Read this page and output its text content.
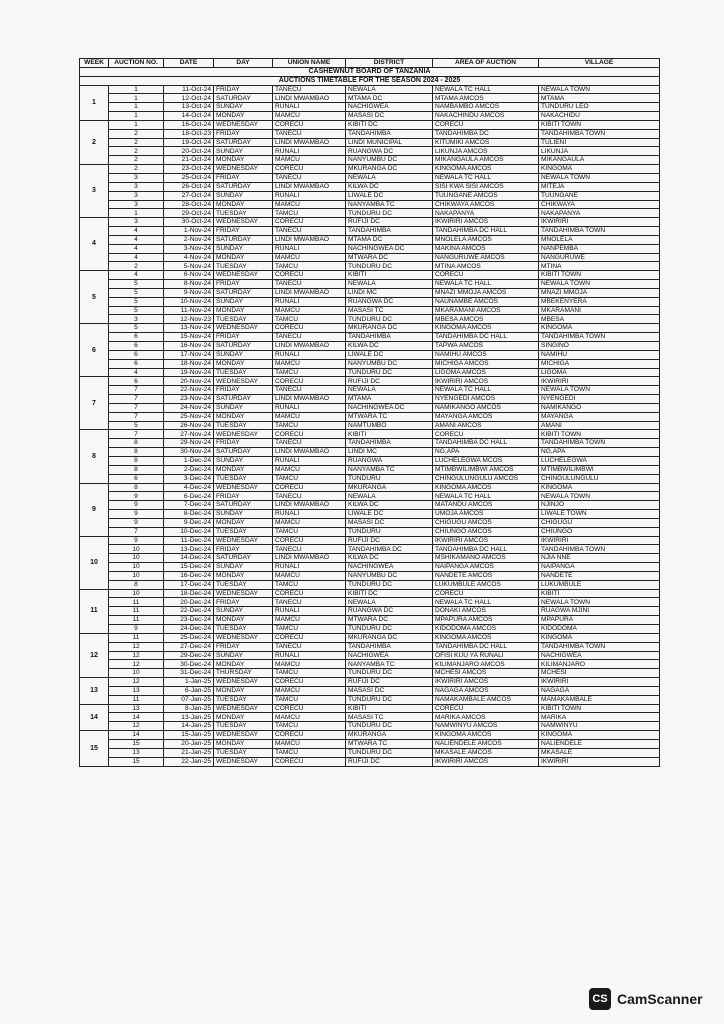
CASHEWNUT BOARD OF TANZANIA							
AUCTIONS TIMETABLE FOR THE SEASON 2024 - 2025							
WEEK	AUCTION NO.	DATE	DAY	UNION NAME	DISTRICT	AREA OF AUCTION	VILLAGE
1	1	11-Oct-24	FRIDAY	TANECU	NEWALA	NEWALA TC HALL	NEWALA TOWN
	1	12-Oct-24	SATURDAY	LINDI MWAMBAO	MTAMA DC	MTAMA AMCOS	MTAMA
	1	13-Oct-24	SUNDAY	RUNALI	NACHIGWEA	NAMBAMBO AMCOS	TUNDURU LEO
	1	14-Oct-24	MONDAY	MAMCU	MASASI DC	NAKACHINDU AMCOS	NAKACHIDU
2	1	16-Oct-24	WEDNESDAY	CORECU	KIBITI DC	CORECU	KIBITI TOWN
	2	18-Oct-23	FRIDAY	TANECU	TANDAHIMBA	TANDAHIMBA DC	TANDAHIMBA TOWN
	2	19-Oct-24	SATURDAY	LINDI MWAMBAO	LINDI MUNICIPAL	KITUMIKI AMCOS	TULIENI
	2	20-Oct-24	SUNDAY	RUNALI	RUANGWA DC	LIKUNJA AMCOS	LIKUNJA
	2	21-Oct-24	MONDAY	MAMCU	NANYUMBU DC	MIKANGAULA AMCOS	MIKANGAULA
3	2	23-Oct-24	WEDNESDAY	CORECU	MKURANGA DC	KINGOMA AMCOS	KINGOMA
	3	25-Oct-24	FRIDAY	TANECU	NEWALA	NEWALA TC HALL	NEWALA TOWN
	3	26-Oct-24	SATURDAY	LINDI MWAMBAO	KILWA DC	SISI KWA SISI AMCOS	MITEJA
	3	27-Oct-24	SUNDAY	RUNALI	LIWALE DC	TUUNGANE AMCOS	TUUNGANE
	3	28-Oct-24	MONDAY	MAMCU	NANYAMBA TC	CHIKWAYA AMCOS	CHIKWAYA
	1	29-Oct-24	TUESDAY	TAMCU	TUNDURU DC	NAKAPANYA	NAKAPANYA
4	3	30-Oct-24	WEDNESDAY	CORECU	RUFIJI DC	IKWIRIRI AMCOS	IKWIRIRI
	4	1-Nov-24	FRIDAY	TANECU	TANDAHIMBA	TANDAHIMBA DC HALL	TANDAHIMBA TOWN
	4	2-Nov-24	SATURDAY	LINDI MWAMBAO	MTAMA DC	MNOLELA AMCOS	MNOLELA
	4	3-Nov-24	SUNDAY	RUNALI	NACHINGWEA DC	MAKINA AMCOS	NANPEMBA
	4	4-Nov-24	MONDAY	MAMCU	MTWARA DC	NANGURUWE AMCOS	NANGURUWE
	2	5-Nov-24	TUESDAY	TAMCU	TUNDURU DC	MTINA AMCOS	MTINA
5	4	6-Nov-24	WEDNESDAY	CORECU	KIBITI	CORECU	KIBITI TOWN
	5	8-Nov-24	FRIDAY	TANECU	NEWALA	NEWALA TC HALL	NEWALA TOWN
	5	9-Nov-24	SATURDAY	LINDI MWAMBAO	LINDI MC	MNAZI MMOJA AMCOS	MNAZI MMOJA
	5	10-Nov-24	SUNDAY	RUNALI	RUANGWA DC	NAUNAMBE AMCOS	MBEKENYERA
	5	11-Nov-24	MONDAY	MAMCU	MASASI TC	MKARAMANI AMCOS	MKARAMANI
	3	12-Nov-23	TUESDAY	TAMCU	TUNDURU DC	MBESA AMCOS	MBESA
6	5	13-Nov-24	WEDNESDAY	CORECU	MKURANGA DC	KINGOMA AMCOS	KINGOMA
	6	15-Nov-24	FRIDAY	TANECU	TANDAHIMBA	TANDAHIMBA DC HALL	TANDAHIMBA TOWN
	6	16-Nov-24	SATURDAY	LINDI MWAMBAO	KILWA DC	TAPWA AMCOS	SINGINO
	6	17-Nov-24	SUNDAY	RUNALI	LIWALE DC	NAMIHU AMCOS	NAMIHU
	6	18-Nov-24	MONDAY	MAMCU	NANYUMBU DC	MICHIGA AMCOS	MICHIGA
	4	19-Nov-24	TUESDAY	TAMCU	TUNDURU DC	LIGOMA AMCOS	LIGOMA
7	6	20-Nov-24	WEDNESDAY	CORECU	RUFIJI DC	IKWIRIRI AMCOS	IKWIRIRI
	7	22-Nov-24	FRIDAY	TANECU	NEWALA	NEWALA TC HALL	NEWALA TOWN
	7	23-Nov-24	SATURDAY	LINDI MWAMBAO	MTAMA	NYENGEDI AMCOS	NYENGEDI
	7	24-Nov-24	SUNDAY	RUNALI	NACHINGWEA DC	NAMIKANGO AMCOS	NAMIKANGO
	7	25-Nov-24	MONDAY	MAMCU	MTWARA TC	MAYANGA AMCOS	MAYANGA
	5	26-Nov-24	TUESDAY	TAMCU	NAMTUMBO	AMANI AMCOS	AMANI
8	7	27-Nov-24	WEDNESDAY	CORECU	KIBITI	CORECU	KIBITI TOWN
	8	29-Nov-24	FRIDAY	TANECU	TANDAHIMBA	TANDAHIMBA DC HALL	TANDAHIMBA TOWN
	8	30-Nov-24	SATURDAY	LINDI MWAMBAO	LINDI MC	NG,APA	NG,APA
	8	1-Dec-24	SUNDAY	RUNALI	RUANGWA	LUCHELEGWA MCOS	LUCHELEGWA
	8	2-Dec-24	MONDAY	MAMCU	NANYAMBA TC	MTIMBWILIMBWI AMCOS	MTIMBWILIMBWI
	6	3-Dec-24	TUESDAY	TAMCU	TUNDURU	CHINGULUNGULU AMCOS	CHINGULUNGULU
9	8	4-Dec-24	WEDNESDAY	CORECU	MKURANGA	KINGOMA AMCOS	KINGOMA
	9	6-Dec-24	FRIDAY	TANECU	NEWALA	NEWALA TC HALL	NEWALA TOWN
	9	7-Dec-24	SATURDAY	LINDI MWAMBAO	KILWA DC	MATANDU AMCOS	NJINJO
	9	8-Dec-24	SUNDAY	RUNALI	LIWALE DC	UMOJA AMCOS	LIWALE TOWN
	9	9-Dec-24	MONDAY	MAMCU	MASASI DC	CHIGUGU AMCOS	CHIGUGU
	7	10-Dec-24	TUESDAY	TAMCU	TUNDURU	CHIUNGO AMCOS	CHIUNGO
10	9	11-Dec-24	WEDNESDAY	CORECU	RUFIJI DC	IKWIRIRI AMCOS	IKWIRIRI
	10	13-Dec-24	FRIDAY	TANECU	TANDAHIMBA DC	TANDAHIMBA DC HALL	TANDAHIMBA TOWN
	10	14-Dec-24	SATURDAY	LINDI MWAMBAO	KILWA DC	MSHIKAMANO AMCOS	NJIA NNE
	10	15-Dec-24	SUNDAY	RUNALI	NACHINGWEA	NAIPANGA AMCOS	NAIPANGA
	10	16-Dec-24	MONDAY	MAMCU	NANYUMBU DC	NANDETE AMCOS	NANDETE
	8	17-Dec-24	TUESDAY	TAMCU	TUNDURU DC	LUKUMBULE AMCOS	LUKUMBULE
11	10	18-Dec-24	WEDNESDAY	CORECU	KIBITI DC	CORECU	KIBITI
	11	20-Dec-24	FRIDAY	TANECU	NEWALA	NEWALA TC HALL	NEWALA TOWN
	11	22-Dec-24	SUNDAY	RUNALI	RUANGWA DC	DONAKI AMCOS	RUAGWA MJINI
	11	23-Dec-24	MONDAY	MAMCU	MTWARA DC	MPAPURA AMCOS	MPAPURA
	9	24-Dec-24	TUESDAY	TAMCU	TUNDURU DC	KIDODOMA AMCOS	KIDODOMA
12	11	25-Dec-24	WEDNESDAY	CORECU	MKURANGA DC	KINGOMA AMCOS	KINGOMA
	12	27-Dec-24	FRIDAY	TANECU	TANDAHIMBA	TANDAHIMBA DC HALL	TANDAHIMBA TOWN
	12	29-Dec-24	SUNDAY	RUNALI	NACHIGWEA	OFISI KUU YA RUNALI	NACHIGWEA
	12	30-Dec-24	MONDAY	MAMCU	NANYAMBA TC	KILIMANJARO AMCOS	KILIMANJARO
	10	31-Dec-24	THURSDAY	TAMCU	TUNDURU DC	MCHESI AMCOS	MCHESI
13	12	1-Jan-25	WEDNESDAY	CORECU	RUFIJI DC	IKWIRIRI AMCOS	IKWIRIRI
	13	6-Jan-25	MONDAY	MAMCU	MASASI DC	NAGAGA AMCOS	NAGAGA
	11	07-Jan-25	TUESDAY	TAMCU	TUNDURU DC	NAMAKAMBALE AMCOS	MAMAKAMBALE
14	13	8-Jan-25	WEDNESDAY	CORECU	KIBITI	CORECU	KIBITI TOWN
	14	13-Jan-25	MONDAY	MAMCU	MASASI TC	MARIKA AMCOS	MARIKA
	12	14-Jan-25	TUESDAY	TAMCU	TUNDURU DC	NAMWINYU AMCOS	NAMWINYU
15	14	15-Jan-25	WEDNESDAY	CORECU	MKURANGA	KINGOMA AMCOS	KINGOMA
	15	20-Jan-25	MONDAY	MAMCU	MTWARA TC	NALIENDELE AMCOS	NALIENDELE
	13	21-Jan-25	TUESDAY	TAMCU	TUNDURU DC	MKASALE AMCOS	MKASALE
	15	22-Jan-25	WEDNESDAY	CORECU	RUFIJI DC	IKWIRIRI AMCOS	IKWIRIRI
CS CamScanner
